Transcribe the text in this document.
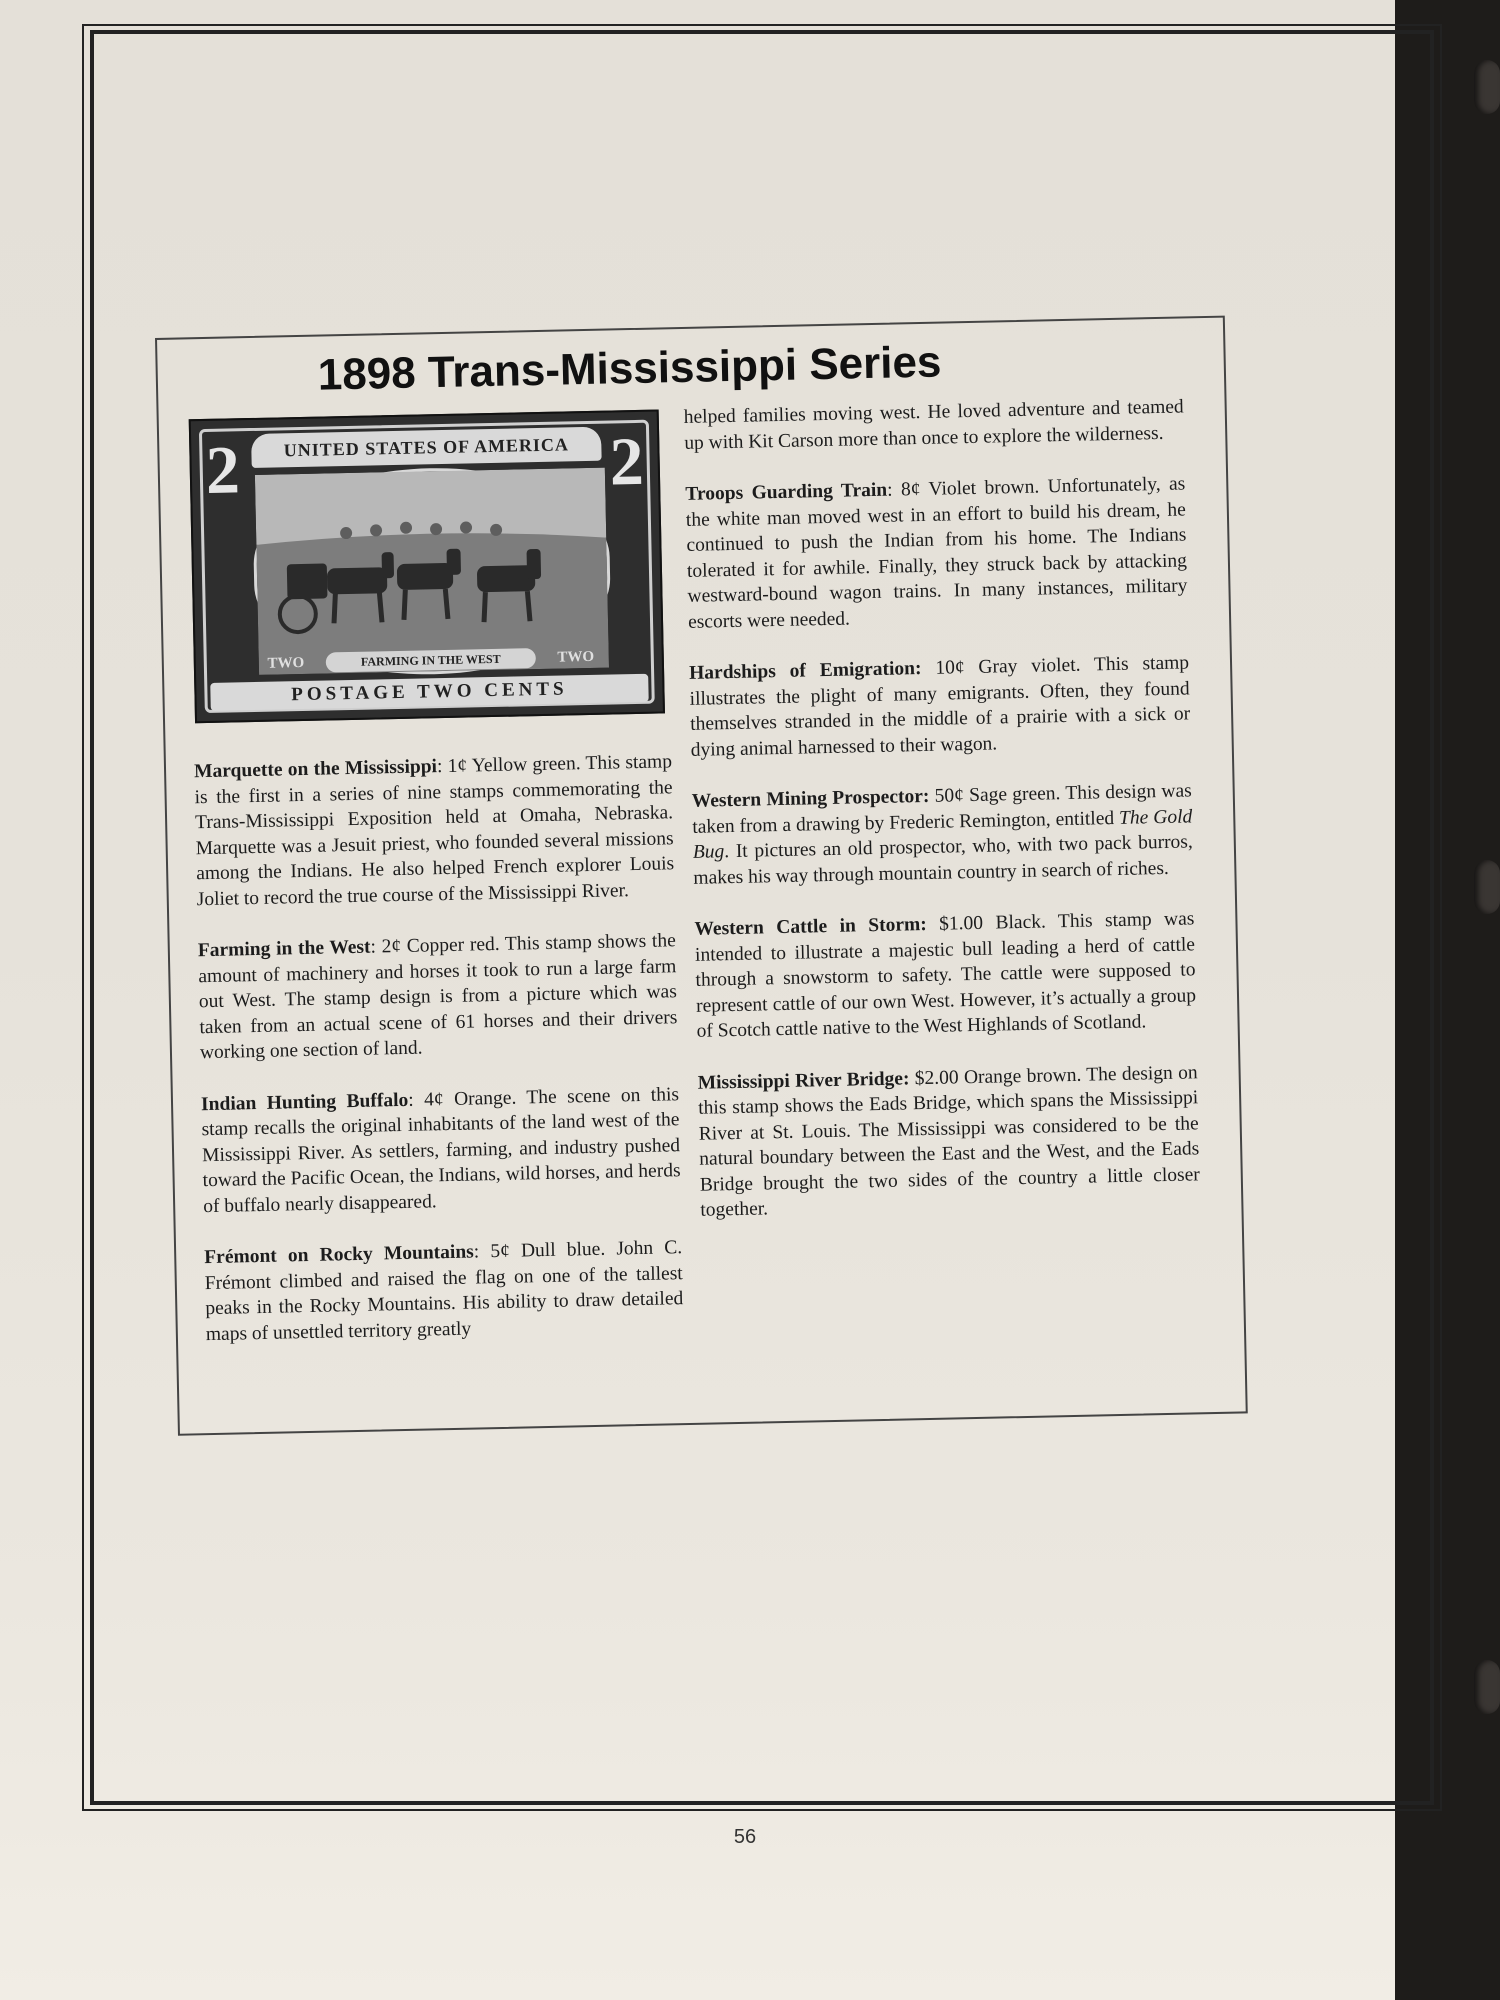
1898 Trans-Mississippi Series
UNITED STATES OF AMERICA
2	2
TWO	FARMING IN THE WEST	TWO
POSTAGE TWO CENTS

Marquette on the Mississippi: 1¢ Yellow green. This stamp is the first in a series of nine stamps commemorating the Trans-Mississippi Exposition held at Omaha, Nebraska. Marquette was a Jesuit priest, who founded several missions among the Indians. He also helped French explorer Louis Joliet to record the true course of the Mississippi River.

Farming in the West: 2¢ Copper red. This stamp shows the amount of machinery and horses it took to run a large farm out West. The stamp design is from a picture which was taken from an actual scene of 61 horses and their drivers working one section of land.

Indian Hunting Buffalo: 4¢ Orange. The scene on this stamp recalls the original inhabitants of the land west of the Mississippi River. As settlers, farming, and industry pushed toward the Pacific Ocean, the Indians, wild horses, and herds of buffalo nearly disappeared.

Frémont on Rocky Mountains: 5¢ Dull blue. John C. Frémont climbed and raised the flag on one of the tallest peaks in the Rocky Mountains. His ability to draw detailed maps of unsettled territory greatly

helped families moving west. He loved adventure and teamed up with Kit Carson more than once to explore the wilderness.

Troops Guarding Train: 8¢ Violet brown. Unfortunately, as the white man moved west in an effort to build his dream, he continued to push the Indian from his home. The Indians tolerated it for awhile. Finally, they struck back by attacking westward-bound wagon trains. In many instances, military escorts were needed.

Hardships of Emigration: 10¢ Gray violet. This stamp illustrates the plight of many emigrants. Often, they found themselves stranded in the middle of a prairie with a sick or dying animal harnessed to their wagon.

Western Mining Prospector: 50¢ Sage green. This design was taken from a drawing by Frederic Remington, entitled The Gold Bug. It pictures an old prospector, who, with two pack burros, makes his way through mountain country in search of riches.

Western Cattle in Storm: $1.00 Black. This stamp was intended to illustrate a majestic bull leading a herd of cattle through a snowstorm to safety. The cattle were supposed to represent cattle of our own West. However, it’s actually a group of Scotch cattle native to the West Highlands of Scotland.

Mississippi River Bridge: $2.00 Orange brown. The design on this stamp shows the Eads Bridge, which spans the Mississippi River at St. Louis. The Mississippi was considered to be the natural boundary between the East and the West, and the Eads Bridge brought the two sides of the country a little closer together.

56
